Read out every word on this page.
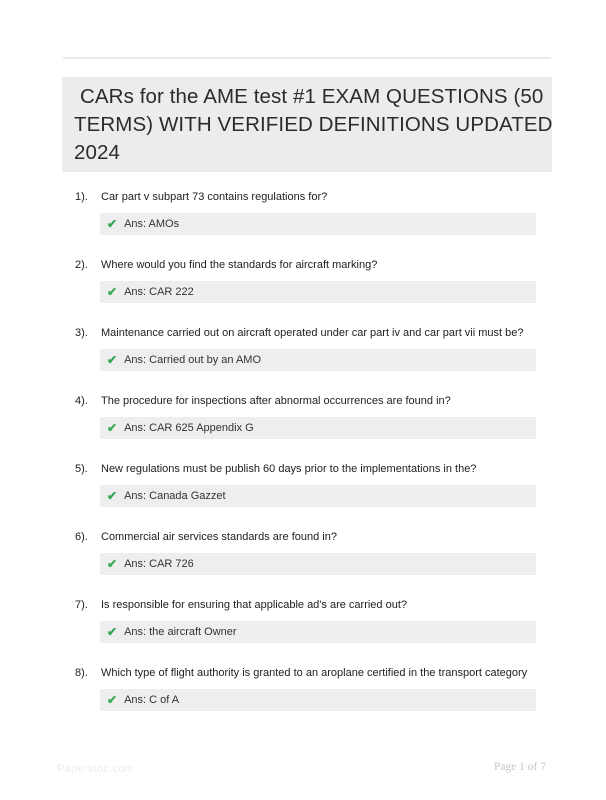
CARs for the AME test #1 EXAM QUESTIONS (50
TERMS) WITH VERIFIED DEFINITIONS UPDATED
2024
1).	Car part v subpart 73 contains regulations for?
✔ Ans: AMOs
2).	Where would you find the standards for aircraft marking?
✔ Ans: CAR 222
3).	Maintenance carried out on aircraft operated under car part iv and car part vii must be?
✔ Ans: Carried out by an AMO
4).	The procedure for inspections after abnormal occurrences are found in?
✔ Ans: CAR 625 Appendix G
5).	New regulations must be publish 60 days prior to the implementations in the?
✔ Ans: Canada Gazzet
6).	Commercial air services standards are found in?
✔ Ans: CAR 726
7).	Is responsible for ensuring that applicable ad's are carried out?
✔ Ans: the aircraft Owner
8).	Which type of flight authority is granted to an aroplane certified in the transport category
✔ Ans: C of A
Paperstoc.com	Page 1 of 7
